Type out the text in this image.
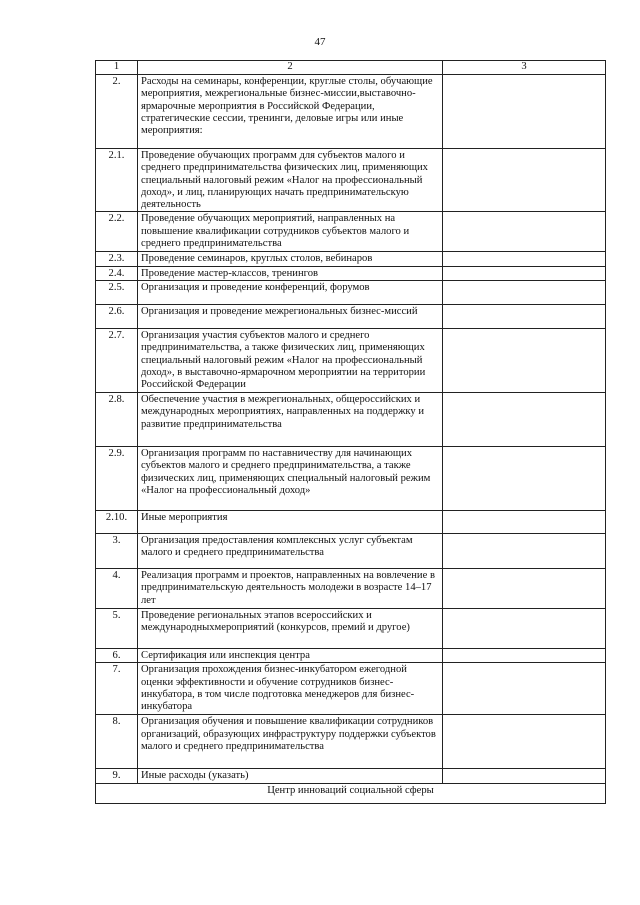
47
1	2	3
2.	Расходы на семинары, конференции, круглые столы, обучающие мероприятия, межрегиональные бизнес-миссии,выставочно-ярмарочные мероприятия в Российской Федерации, стратегические сессии, тренинги, деловые игры или иные мероприятия:	
2.1.	Проведение обучающих программ для субъектов малого и среднего предпринимательства физических лиц, применяющих специальный налоговый режим «Налог на профессиональный доход», и лиц, планирующих начать предпринимательскую деятельность	
2.2.	Проведение обучающих мероприятий, направленных на повышение квалификации сотрудников субъектов малого и среднего предпринимательства	
2.3.	Проведение семинаров, круглых столов, вебинаров	
2.4.	Проведение мастер-классов, тренингов	
2.5.	Организация и проведение конференций, форумов	
2.6.	Организация и проведение межрегиональных бизнес-миссий	
2.7.	Организация участия субъектов малого и среднего предпринимательства, а также физических лиц, применяющих специальный налоговый режим «Налог на профессиональный доход», в выставочно-ярмарочном мероприятии на территории Российской Федерации	
2.8.	Обеспечение участия в межрегиональных, общероссийских и международных мероприятиях, направленных на поддержку и развитие предпринимательства	
2.9.	Организация программ по наставничеству для начинающих субъектов малого и среднего предпринимательства, а также физических лиц, применяющих специальный налоговый режим «Налог на профессиональный доход»	
2.10.	Иные мероприятия	
3.	Организация предоставления комплексных услуг субъектам малого и среднего предпринимательства	
4.	Реализация программ и проектов, направленных на вовлечение в предпринимательскую деятельность молодежи в возрасте 14–17 лет	
5.	Проведение региональных этапов всероссийских и международныхмероприятий (конкурсов, премий и другое)	
6.	Сертификация или инспекция центра	
7.	Организация прохождения бизнес-инкубатором ежегодной оценки эффективности и обучение сотрудников бизнес-инкубатора, в том числе подготовка менеджеров для бизнес-инкубатора	
8.	Организация обучения и повышение квалификации сотрудников организаций, образующих инфраструктуру поддержки субъектов малого и среднего предпринимательства	
9.	Иные расходы (указать)	
Центр инноваций социальной сферы		
